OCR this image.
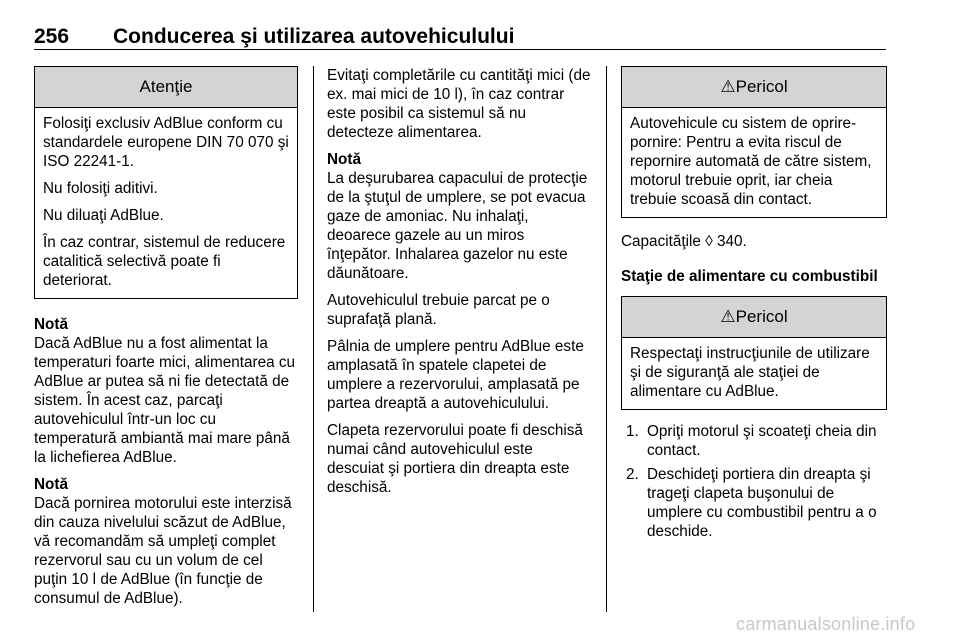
256 Conducerea şi utilizarea autovehiculului
Atenţie

Folosiţi exclusiv AdBlue conform cu standardele europene DIN 70 070 şi ISO 22241-1.

Nu folosiţi aditivi.

Nu diluaţi AdBlue.

În caz contrar, sistemul de reducere catalitică selectivă poate fi deteriorat.

Notă
Dacă AdBlue nu a fost alimentat la temperaturi foarte mici, alimentarea cu AdBlue ar putea să ni fie detectată de sistem. În acest caz, parcaţi autovehiculul într-un loc cu temperatură ambiantă mai mare până la lichefierea AdBlue.

Notă
Dacă pornirea motorului este interzisă din cauza nivelului scăzut de AdBlue, vă recomandăm să umpleţi complet rezervorul sau cu un volum de cel puţin 10 l de AdBlue (în funcţie de consumul de AdBlue).

Evitaţi completările cu cantităţi mici (de ex. mai mici de 10 l), în caz contrar este posibil ca sistemul să nu detecteze alimentarea.

Notă
La deşurubarea capacului de protecţie de la ştuţul de umplere, se pot evacua gaze de amoniac. Nu inhalaţi, deoarece gazele au un miros înţepător. Inhalarea gazelor nu este dăunătoare.

Autovehiculul trebuie parcat pe o suprafaţă plană.

Pâlnia de umplere pentru AdBlue este amplasată în spatele clapetei de umplere a rezervorului, amplasată pe partea dreaptă a autovehiculului.

Clapeta rezervorului poate fi deschisă numai când autovehiculul este descuiat şi portiera din dreapta este deschisă.

⚠Pericol

Autovehicule cu sistem de oprire-pornire: Pentru a evita riscul de repornire automată de către sistem, motorul trebuie oprit, iar cheia trebuie scoasă din contact.

Capacităţile ◊ 340.

Staţie de alimentare cu combustibil

⚠Pericol

Respectaţi instrucţiunile de utilizare şi de siguranţă ale staţiei de alimentare cu AdBlue.

1. Opriţi motorul şi scoateţi cheia din contact.
2. Deschideţi portiera din dreapta şi trageţi clapeta buşonului de umplere cu combustibil pentru a o deschide.
carmanualsonline.info
